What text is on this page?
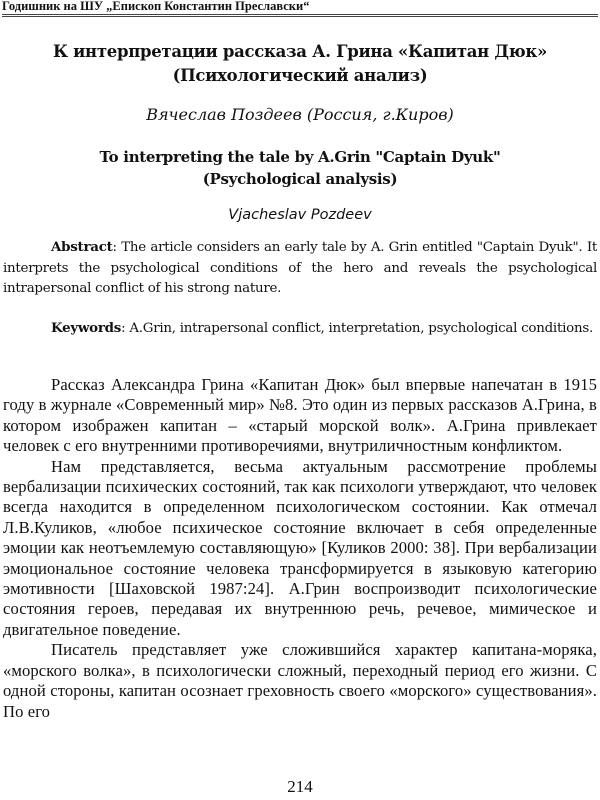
Годишник на ШУ „Епископ Константин Преславски“
К интерпретации рассказа А. Грина «Капитан Дюк»
(Психологический анализ)
Вячеслав Поздеев (Россия, г.Киров)
To interpreting the tale by A.Grin "Captain Dyuk"
(Psychological analysis)
Vjacheslav Pozdeev
Abstract: The article considers an early tale by A. Grin entitled "Captain Dyuk". It interprets the psychological conditions of the hero and reveals the psychological intrapersonal conflict of his strong nature.
Keywords: A.Grin, intrapersonal conflict, interpretation, psychological conditions.

Рассказ Александра Грина «Капитан Дюк» был впервые напечатан в 1915 году в журнале «Современный мир» №8. Это один из первых рассказов А.Грина, в котором изображен капитан – «старый морской волк». А.Грина привлекает человек с его внутренними противоречиями, внутриличностным конфликтом.

Нам представляется, весьма актуальным рассмотрение проблемы вербализации психических состояний, так как психологи утверждают, что человек всегда находится в определенном психологическом состоянии. Как отмечал Л.В.Куликов, «любое психическое состояние включает в себя определенные эмоции как неотъемлемую составляющую» [Куликов 2000: 38]. При вербализации эмоциональное состояние человека трансформируется в языковую категорию эмотивности [Шаховской 1987:24]. А.Грин воспроизводит психологические состояния героев, передавая их внутреннюю речь, речевое, мимическое и двигательное поведение.

Писатель представляет уже сложившийся характер капитана-моряка, «морского волка», в психологически сложный, переходный период его жизни. С одной стороны, капитан осознает греховность своего «морского» существования». По его

214
